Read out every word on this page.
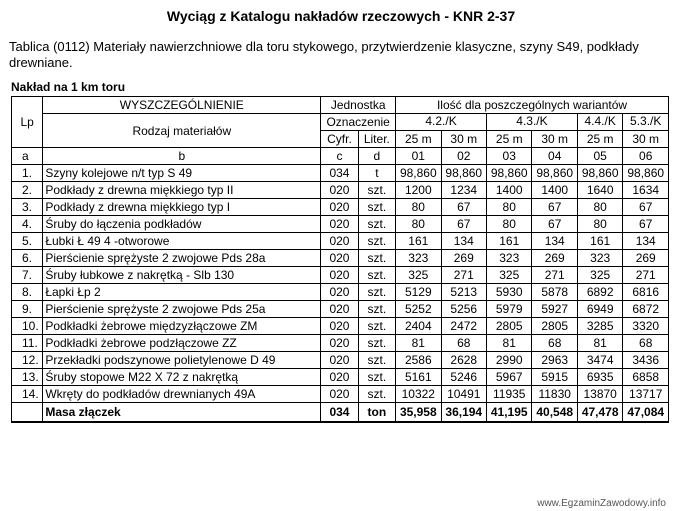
Wyciąg z Katalogu nakładów rzeczowych - KNR 2-37
Tablica (0112) Materiały nawierzchniowe dla toru stykowego, przytwierdzenie klasyczne, szyny S49, podkłady drewniane.
Nakład na 1 km toru
Lp	WYSZCZEGÓLNIENIE	Jednostka		Ilość dla poszczególnych wariantów					
	Rodzaj materiałów	Oznaczenie		4.2./K		4.3./K		4.4./K	5.3./K
		Cyfr.	Liter.	25 m	30 m	25 m	30 m	25 m	30 m
a	b	c	d	01	02	03	04	05	06
1.	Szyny kolejowe n/t typ S 49	034	t	98,860	98,860	98,860	98,860	98,860	98,860
2.	Podkłady z drewna miękkiego typ II	020	szt.	1200	1234	1400	1400	1640	1634
3.	Podkłady z drewna miękkiego typ I	020	szt.	80	67	80	67	80	67
4.	Śruby do łączenia podkładów	020	szt.	80	67	80	67	80	67
5.	Łubki Ł 49 4 -otworowe	020	szt.	161	134	161	134	161	134
6.	Pierścienie sprężyste 2 zwojowe Pds 28a	020	szt.	323	269	323	269	323	269
7.	Śruby łubkowe z nakrętką - Slb 130	020	szt.	325	271	325	271	325	271
8.	Łapki Łp 2	020	szt.	5129	5213	5930	5878	6892	6816
9.	Pierścienie sprężyste 2 zwojowe Pds 25a	020	szt.	5252	5256	5979	5927	6949	6872
10.	Podkładki żebrowe międzyzłączowe ZM	020	szt.	2404	2472	2805	2805	3285	3320
11.	Podkładki żebrowe podzłączowe ZZ	020	szt.	81	68	81	68	81	68
12.	Przekładki podszynowe polietylenowe D 49	020	szt.	2586	2628	2990	2963	3474	3436
13.	Śruby stopowe M22 X 72 z nakrętką	020	szt.	5161	5246	5967	5915	6935	6858
14.	Wkręty do podkładów drewnianych 49A	020	szt.	10322	10491	11935	11830	13870	13717
	Masa złączek	034	ton	35,958	36,194	41,195	40,548	47,478	47,084
www.EgzaminZawodowy.info
